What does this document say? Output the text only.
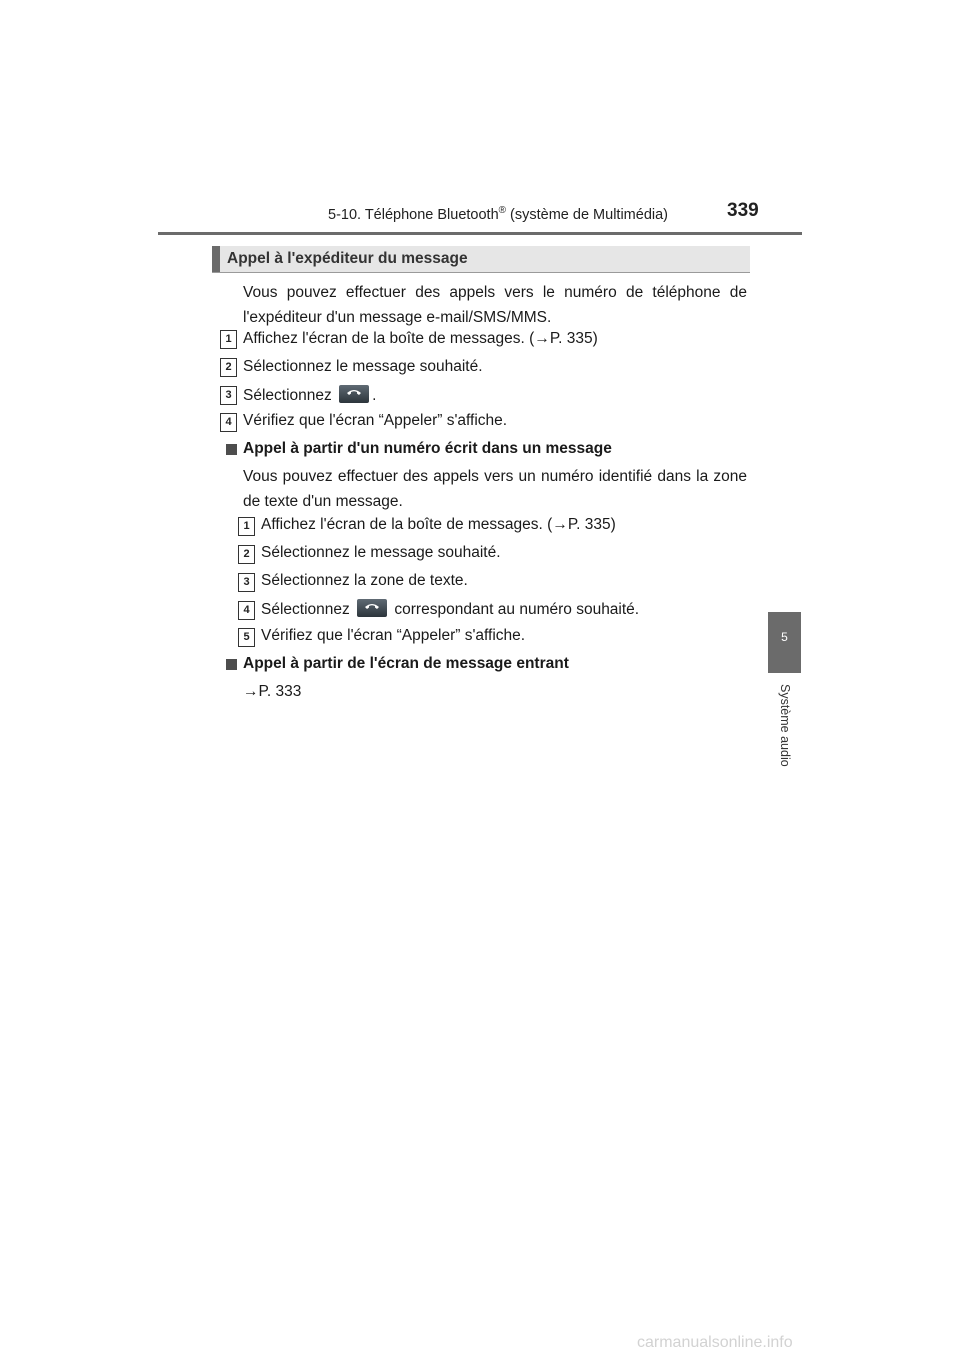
5-10. Téléphone Bluetooth® (système de Multimédia)	339
Appel à l'expéditeur du message
Vous pouvez effectuer des appels vers le numéro de téléphone de l'expéditeur d'un message e-mail/SMS/MMS.
1 Affichez l'écran de la boîte de messages. (→P. 335)
2 Sélectionnez le message souhaité.
3 Sélectionnez	.
4 Vérifiez que l'écran “Appeler” s'affiche.
Appel à partir d'un numéro écrit dans un message
Vous pouvez effectuer des appels vers un numéro identifié dans la zone de texte d'un message.
1 Affichez l'écran de la boîte de messages. (→P. 335)
2 Sélectionnez le message souhaité.
3 Sélectionnez la zone de texte.
4 Sélectionnez	correspondant au numéro souhaité.
5 Vérifiez que l'écran “Appeler” s'affiche.
Appel à partir de l'écran de message entrant
→P. 333
5
Système audio
carmanualsonline.info
